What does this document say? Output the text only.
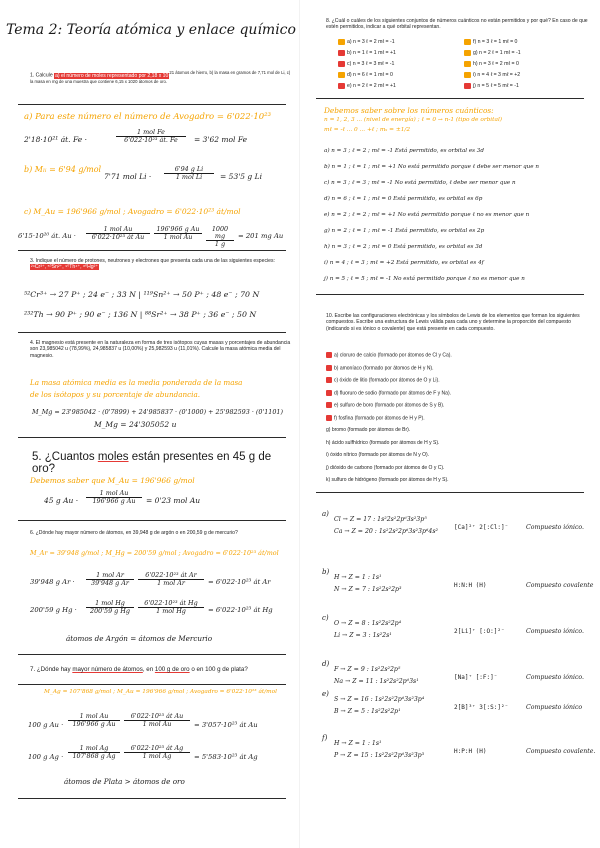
Tema 2: Teoría atómica y enlace químico
1. Calcule a) el número de moles representado por 2,18 x $10^{21 átomos de hierro, b) la masa en gramos de 7,71 mol de Li, c) la masa en mg de una muestra que contiene 6,15 x 1020 átomos de oro.}$
a) Para este número el número de Avogadro = 6'022·10²³
2'18·10²¹ át. Fe ·
1 mol Fe
6'022·10²³ át. Fe	= 3'62 mol Fe
b) Mₗᵢ = 6'94 g/mol
7'71 mol Li ·
6'94 g Li
1 mol Li	= 53'5 g Li
c) M_Au = 196'966 g/mol ; Avogadro = 6'022·10²³ át/mol
6'15·10²⁰ át. Au ·
1 mol Au
6'022·10²³ át Au
196'966 g Au
1 mol Au	$\frac{1000 mg}{1 g} = 201$ mg Au
3. Indique el número de protones, neutrones y electrones que presenta cada una de las siguientes especies: ²⁹Cr³⁺, ⁵⁰Sn²⁺, ⁹⁰Th⁴⁺, ⁸⁰Hg²⁺
⁵²Cr³⁺ → 27 P⁺ ; 24 e⁻ ; 33 N | ¹¹⁹Sn²⁺ → 50 P⁺ ; 48 e⁻ ; 70 N
²³²Th → 90 P⁺ ; 90 e⁻ ; 136 N | ⁸⁸Sr²⁺ → 38 P⁺ ; 36 e⁻ ; 50 N
4. El magnesio está presente en la naturaleza en forma de tres isótopos cuyas masas y porcentajes de abundancia son 23,985042 u (78,99%), 24,985837 u (10,00%) y 25,982593 u (11,01%). Calcule la masa atómica media del magnesio.
La masa atómica media es la media ponderada de la masa
de los isótopos y su porcentaje de abundancia.
M_Mg = 23'985042 · (0'7899) + 24'985837 · (0'1000) + 25'982593 · (0'1101)
M_Mg = 24'305052 u
5. ¿Cuantos moles están presentes en 45 g de oro?
Debemos saber que M_Au = 196'966 g/mol
45 g Au ·
1 mol Au
196'966 g Au	= 0'23 mol Au
6. ¿Dónde hay mayor número de átomos, en 39,948 g de argón o en 200,59 g de mercurio?
M_Ar = 39'948 g/mol ; M_Hg = 200'59 g/mol ; Avogadro = 6'022·10²³ át/mol
39'948 g Ar ·
1 mol Ar
39'948 g Ar
6'022·10²³ át Ar
1 mol Ar	= 6'022·10²³ át Ar
200'59 g Hg ·
1 mol Hg
200'59 g Hg
6'022·10²³ át Hg
1 mol Hg	= 6'022·10²³ át Hg
átomos de Argón = átomos de Mercurio
7. ¿Dónde hay mayor número de átomos, en 100 g de oro o en 100 g de plata?
M_Ag = 107'868 g/mol ; M_Au = 196'966 g/mol ; Avogadro = 6'022·10²³ át/mol
100 g Au ·
1 mol Au
196'966 g Au
6'022·10²³ át Au
1 mol Au	= 3'057·10²³ át Au
100 g Ag ·
1 mol Ag
107'868 g Ag
6'022·10²³ át Ag
1 mol Ag	= 5'583·10²³ át Ag
átomos de Plata > átomos de oro
8. ¿Cuál o cuáles de los siguientes conjuntos de números cuánticos no están permitidos y por qué? En caso de que estén permitidos, indicar a qué orbital representan.
a) n = 3 ℓ = 2 mℓ = -1
b) n = 1 ℓ = 1 mℓ = +1
c) n = 3 ℓ = 3 mℓ = -1
d) n = 6 ℓ = 1 mℓ = 0
e) n = 2 ℓ = 2 mℓ = +1
f) n = 3 ℓ = 1 mℓ = 0
g) n = 2 ℓ = 1 mℓ = -1
h) n = 3 ℓ = 2 mℓ = 0
i) n = 4 ℓ = 3 mℓ = +2
j) n = 5 ℓ = 5 mℓ = -1
Debemos saber sobre los números cuánticos:
n = 1, 2, 3 ... (nivel de energía) ; ℓ = 0 → n-1 (tipo de orbital)
mℓ = -ℓ ... 0 ... +ℓ ; mₛ = ±1/2
a) n = 3 ; ℓ = 2 ; mℓ = -1 Está permitido, es orbital es 3d
b) n = 1 ; ℓ = 1 ; mℓ = +1 No está permitido porque ℓ debe ser menor que n
c) n = 3 ; ℓ = 3 ; mℓ = -1 No está permitido, ℓ debe ser menor que n
d) n = 6 ; ℓ = 1 ; mℓ = 0 Está permitido, es orbital es 6p
e) n = 2 ; ℓ = 2 ; mℓ = +1 No está permitido porque ℓ no es menor que n
g) n = 2 ; ℓ = 1 ; mℓ = -1 Está permitido, es orbital es 2p
h) n = 3 ; ℓ = 2 ; mℓ = 0 Está permitido, es orbital es 3d
i) n = 4 ; ℓ = 3 ; mℓ = +2 Está permitido, es orbital es 4f
j) n = 5 ; ℓ = 5 ; mℓ = -1 No está permitido porque ℓ no es menor que n
10. Escribe las configuraciones electrónicas y los símbolos de Lewis de los elementos que forman los siguientes compuestos. Escribe una estructura de Lewis válida para cada uno y determine la proporción del compuesto (indicando si es iónico o covalente) que está presente en cada compuesto.
a) cloruro de calcio (formado por átomos de Cl y Ca).
b) amoníaco (formado por átomos de H y N).
c) óxido de litio (formado por átomos de O y Li).
d) fluoruro de sodio (formado por átomos de F y Na).
e) sulfuro de boro (formado por átomos de S y B).
f) fosfina (formado por átomos de H y P).
g) bromo (formado por átomos de Br).
h) ácido sulfhídrico (formado por átomos de H y S).
i) óxido nítrico (formado por átomos de N y O).
j) dióxido de carbono (formado por átomos de O y C).
k) sulfuro de hidrógeno (formado por átomos de H y S).
a)
Cl → Z = 17 : 1s²2s²2p⁶3s²3p⁵
Ca → Z = 20 : 1s²2s²2p⁶3s²3p⁶4s²
[Ca]²⁺ 2[:Cl:]⁻	Compuesto iónico.
b)
H → Z = 1 : 1s¹
N → Z = 7 : 1s²2s²2p³
H:N:H (H)	Compuesto covalente
c)
O → Z = 8 : 1s²2s²2p⁴
Li → Z = 3 : 1s²2s¹
2[Li]⁺ [:O:]²⁻	Compuesto iónico.
d)
F → Z = 9 : 1s²2s²2p⁵
Na → Z = 11 : 1s²2s²2p⁶3s¹
[Na]⁺ [:F:]⁻	Compuesto iónico.
e)
S → Z = 16 : 1s²2s²2p⁶3s²3p⁴
B → Z = 5 : 1s²2s²2p¹
2[B]³⁺ 3[:S:]²⁻	Compuesto iónico
f)
H → Z = 1 : 1s¹
P → Z = 15 : 1s²2s²2p⁶3s²3p³
H:P:H (H)	Compuesto covalente.
